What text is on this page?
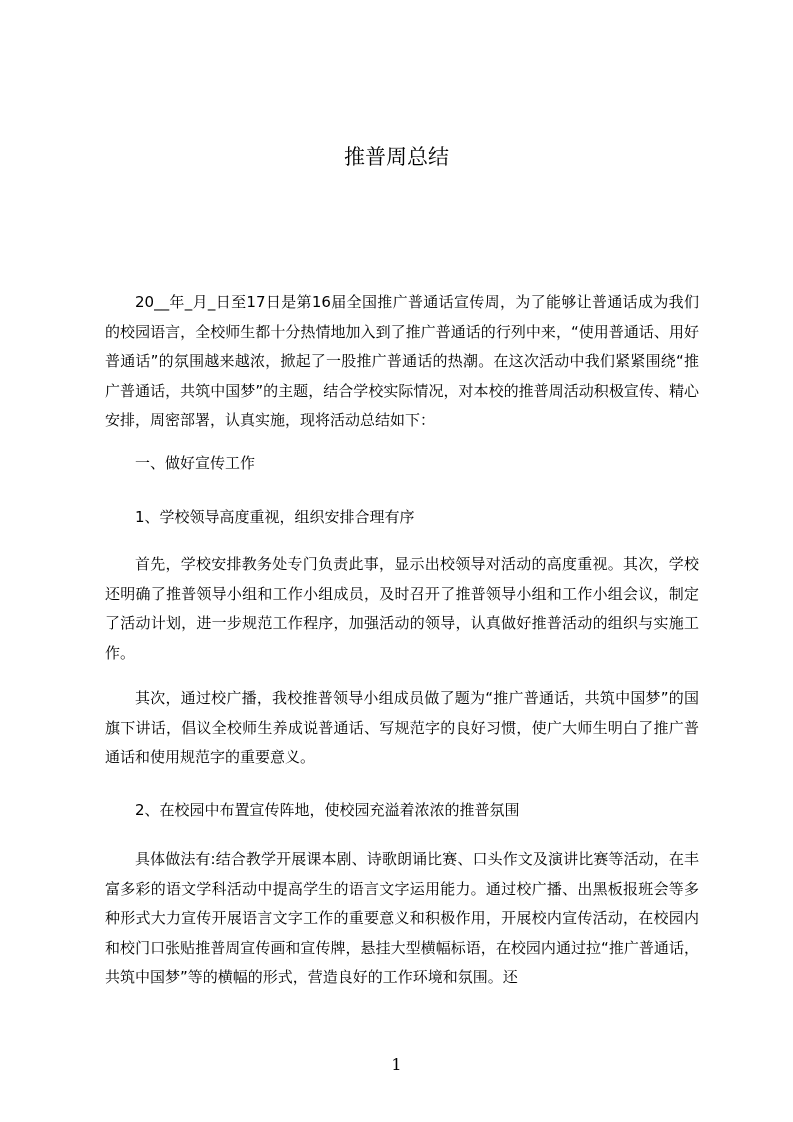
推普周总结

20__年_月_日至17日是第16届全国推广普通话宣传周，为了能够让普通话成为我们的校园语言，全校师生都十分热情地加入到了推广普通话的行列中来，“使用普通话、用好普通话”的氛围越来越浓，掀起了一股推广普通话的热潮。在这次活动中我们紧紧围绕“推广普通话，共筑中国梦”的主题，结合学校实际情况，对本校的推普周活动积极宣传、精心安排，周密部署，认真实施，现将活动总结如下：

一、做好宣传工作

1、学校领导高度重视，组织安排合理有序

首先，学校安排教务处专门负责此事，显示出校领导对活动的高度重视。其次，学校还明确了推普领导小组和工作小组成员，及时召开了推普领导小组和工作小组会议，制定了活动计划，进一步规范工作程序，加强活动的领导，认真做好推普活动的组织与实施工作。

其次，通过校广播，我校推普领导小组成员做了题为“推广普通话，共筑中国梦”的国旗下讲话，倡议全校师生养成说普通话、写规范字的良好习惯，使广大师生明白了推广普通话和使用规范字的重要意义。

2、在校园中布置宣传阵地，使校园充溢着浓浓的推普氛围

具体做法有:结合教学开展课本剧、诗歌朗诵比赛、口头作文及演讲比赛等活动，在丰富多彩的语文学科活动中提高学生的语言文字运用能力。通过校广播、出黑板报班会等多种形式大力宣传开展语言文字工作的重要意义和积极作用，开展校内宣传活动，在校园内和校门口张贴推普周宣传画和宣传牌，悬挂大型横幅标语，在校园内通过拉“推广普通话，共筑中国梦”等的横幅的形式，营造良好的工作环境和氛围。还

1
